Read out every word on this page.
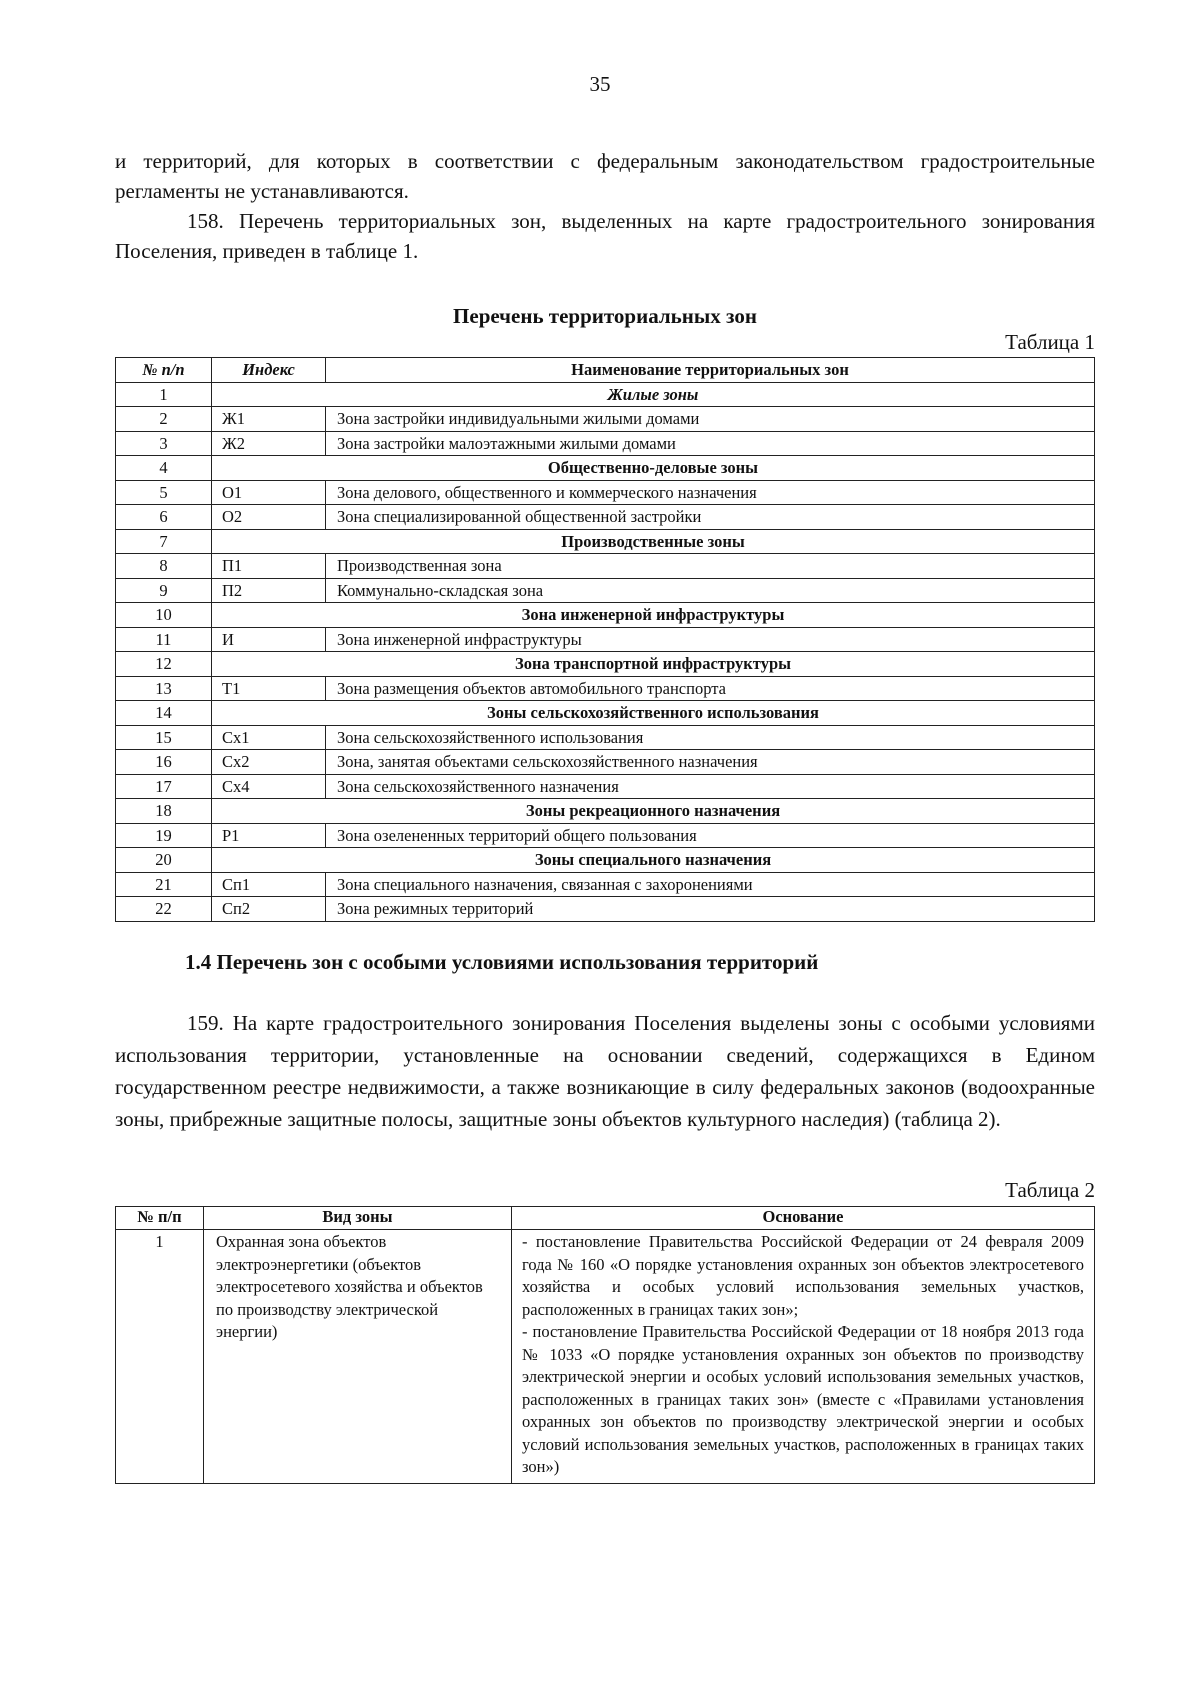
35

и территорий, для которых в соответствии с федеральным законодательством градостроительные регламенты не устанавливаются.

158. Перечень территориальных зон, выделенных на карте градостроительного зонирования Поселения, приведен в таблице 1.

Перечень территориальных зон
Таблица 1
№ п/п	Индекс	Наименование территориальных зон
1	Жилые зоны	
2	Ж1	Зона застройки индивидуальными жилыми домами
3	Ж2	Зона застройки малоэтажными жилыми домами
4	Общественно-деловые зоны	
5	О1	Зона делового, общественного и коммерческого назначения
6	О2	Зона специализированной общественной застройки
7	Производственные зоны	
8	П1	Производственная зона
9	П2	Коммунально-складская зона
10	Зона инженерной инфраструктуры	
11	И	Зона инженерной инфраструктуры
12	Зона транспортной инфраструктуры	
13	Т1	Зона размещения объектов автомобильного транспорта
14	Зоны сельскохозяйственного использования	
15	Сх1	Зона сельскохозяйственного использования
16	Сх2	Зона, занятая объектами сельскохозяйственного назначения
17	Сх4	Зона сельскохозяйственного назначения
18	Зоны рекреационного назначения	
19	Р1	Зона озелененных территорий общего пользования
20	Зоны специального назначения	
21	Сп1	Зона специального назначения, связанная с захоронениями
22	Сп2	Зона режимных территорий
1.4 Перечень зон с особыми условиями использования территорий

159. На карте градостроительного зонирования Поселения выделены зоны с особыми условиями использования территории, установленные на основании сведений, содержащихся в Едином государственном реестре недвижимости, а также возникающие в силу федеральных законов (водоохранные зоны, прибрежные защитные полосы, защитные зоны объектов культурного наследия) (таблица 2).

Таблица 2
№ п/п	Вид зоны	Основание
1	Охранная зона объектов электроэнергетики (объектов электросетевого хозяйства и объектов по производству электрической энергии)	- постановление Правительства Российской Федерации от 24 февраля 2009 года № 160 «О порядке установления охранных зон объектов электросетевого хозяйства и особых условий использования земельных участков, расположенных в границах таких зон»;

- постановление Правительства Российской Федерации от 18 ноября 2013 года № 1033 «О порядке установления охранных зон объектов по производству электрической энергии и особых условий использования земельных участков, расположенных в границах таких зон» (вместе с «Правилами установления охранных зон объектов по производству электрической энергии и особых условий использования земельных участков, расположенных в границах таких зон»)
